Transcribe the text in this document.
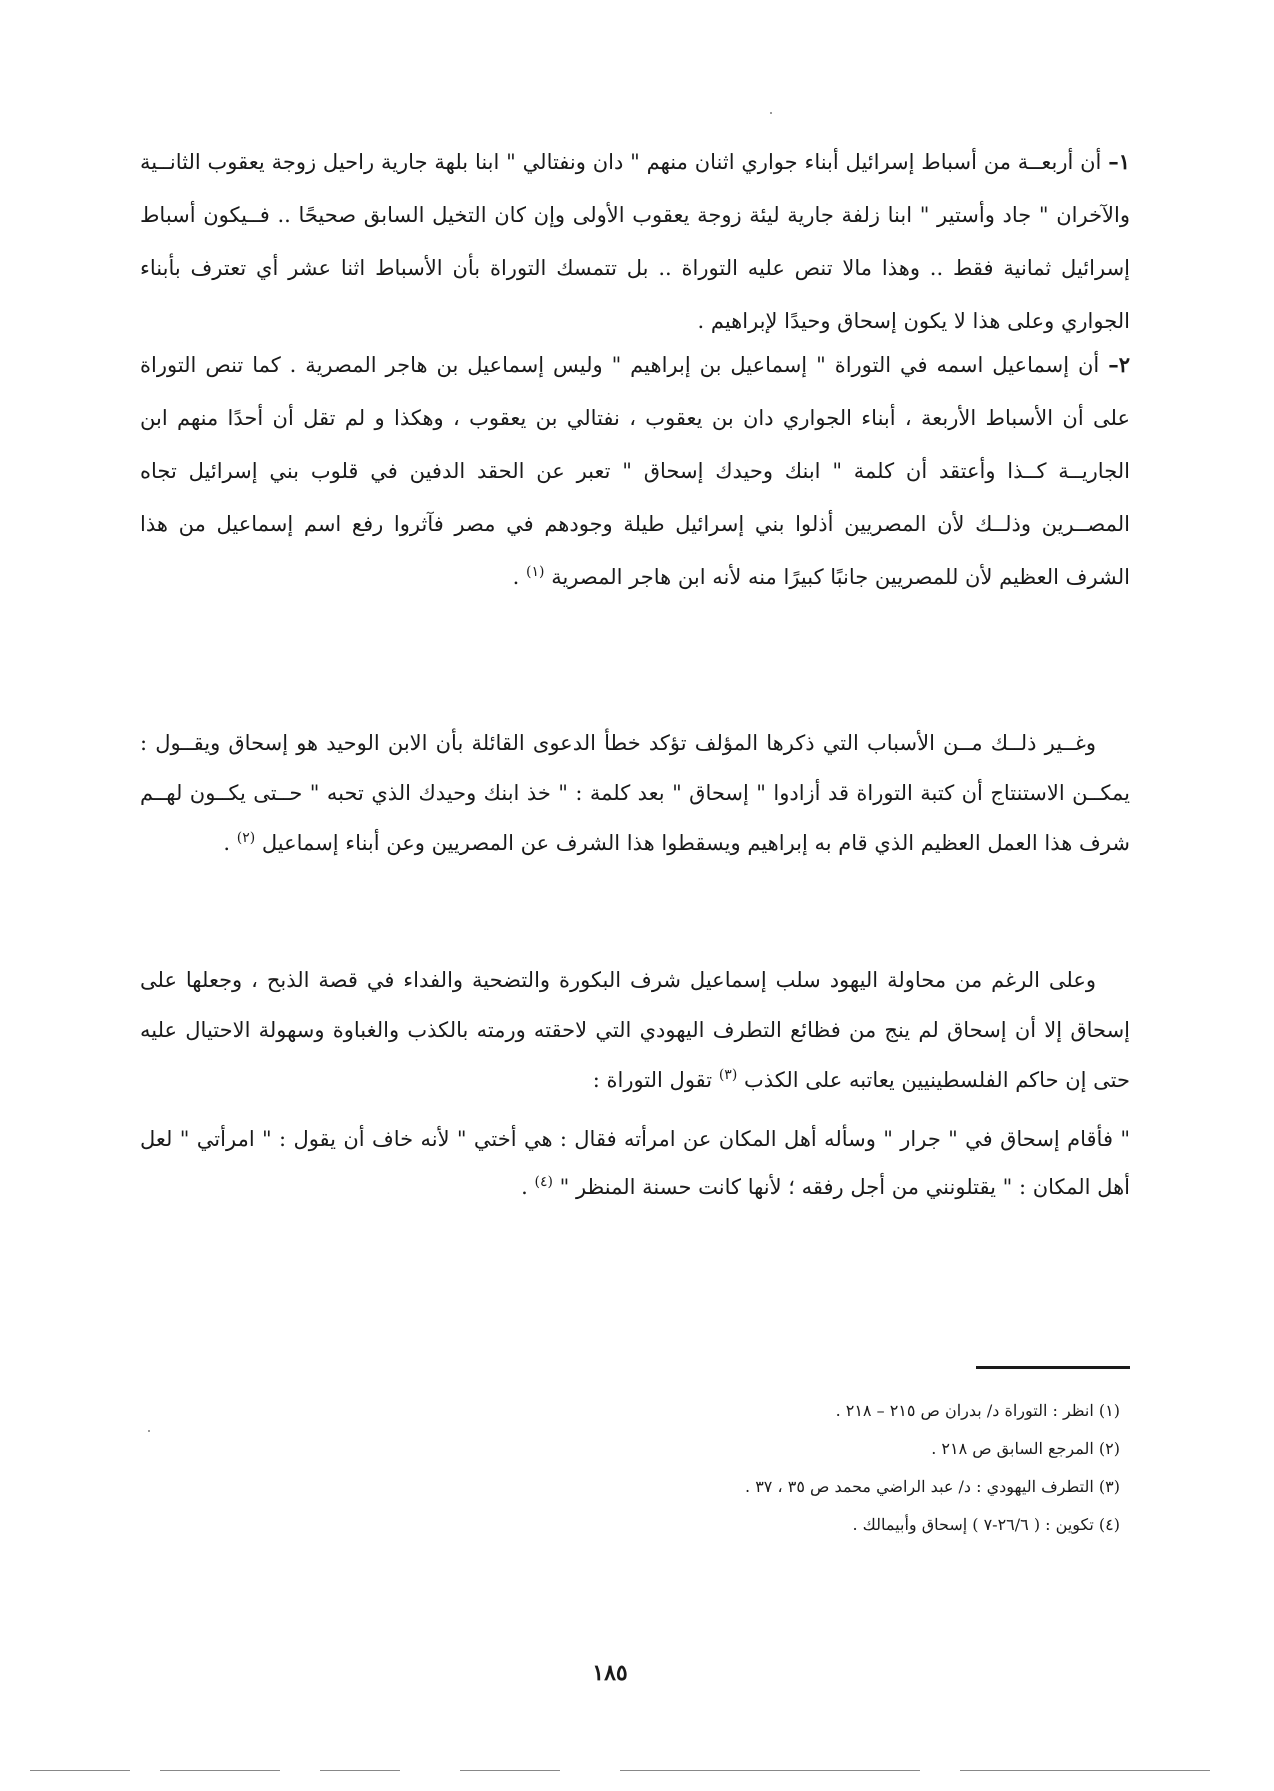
١– أن أربعــة من أسباط إسرائيل أبناء جواري اثنان منهم " دان ونفتالي " ابنا بلهة جارية راحيل زوجة يعقوب الثانــية والآخران " جاد وأستير " ابنا زلفة جارية ليئة زوجة يعقوب الأولى وإن كان التخيل السابق صحيحًا .. فــيكون أسباط إسرائيل ثمانية فقط .. وهذا مالا تنص عليه التوراة .. بل تتمسك التوراة بأن الأسباط اثنا عشر أي تعترف بأبناء الجواري وعلى هذا لا يكون إسحاق وحيدًا لإبراهيم .

٢– أن إسماعيل اسمه في التوراة " إسماعيل بن إبراهيم " وليس إسماعيل بن هاجر المصرية . كما تنص التوراة على أن الأسباط الأربعة ، أبناء الجواري دان بن يعقوب ، نفتالي بن يعقوب ، وهكذا و لم تقل أن أحدًا منهم ابن الجاريــة كــذا وأعتقد أن كلمة " ابنك وحيدك إسحاق " تعبر عن الحقد الدفين في قلوب بني إسرائيل تجاه المصــرين وذلــك لأن المصريين أذلوا بني إسرائيل طيلة وجودهم في مصر فآثروا رفع اسم إسماعيل من هذا الشرف العظيم لأن للمصريين جانبًا كبيرًا منه لأنه ابن هاجر المصرية $^{(١)}$ .

وغــير ذلــك مــن الأسباب التي ذكرها المؤلف تؤكد خطأ الدعوى القائلة بأن الابن الوحيد هو إسحاق ويقــول : يمكــن الاستنتاج أن كتبة التوراة قد أزادوا " إسحاق " بعد كلمة : " خذ ابنك وحيدك الذي تحبه " حــتى يكــون لهــم شرف هذا العمل العظيم الذي قام به إبراهيم ويسقطوا هذا الشرف عن المصريين وعن أبناء إسماعيل $^{(٢)}$ .

وعلى الرغم من محاولة اليهود سلب إسماعيل شرف البكورة والتضحية والفداء في قصة الذبح ، وجعلها على إسحاق إلا أن إسحاق لم ينج من فظائع التطرف اليهودي التي لاحقته ورمته بالكذب والغباوة وسهولة الاحتيال عليه حتى إن حاكم الفلسطينيين يعاتبه على الكذب $^{(٣)}$ تقول التوراة :

" فأقام إسحاق في " جرار " وسأله أهل المكان عن امرأته فقال : هي أختي " لأنه خاف أن يقول : " امرأتي " لعل أهل المكان : " يقتلونني من أجل رفقه ؛ لأنها كانت حسنة المنظر " $^{(٤)}$ .

(١) انظر : التوراة د/ بدران ص ٢١٥ – ٢١٨ .

(٢) المرجع السابق ص ٢١٨ .

(٣) التطرف اليهودي : د/ عبد الراضي محمد ص ٣٥ ، ٣٧ .

(٤) تكوين : ( ٢٦/٦-٧ ) إسحاق وأبيمالك .

١٨٥
